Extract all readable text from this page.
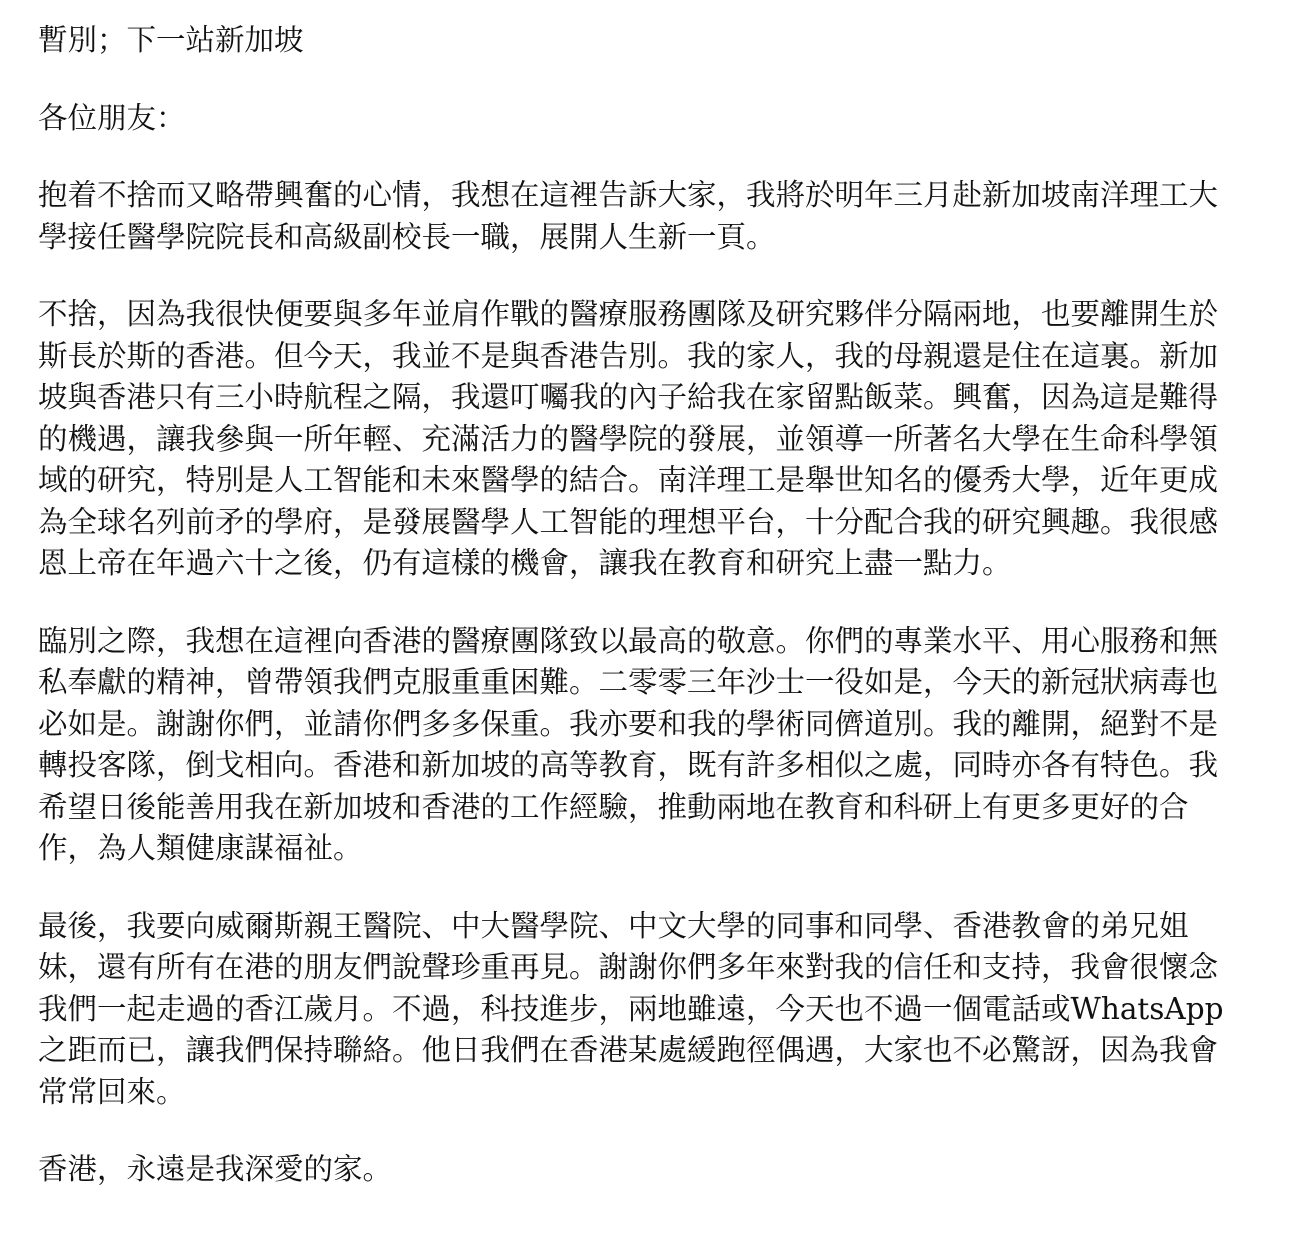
暫別；下一站新加坡

各位朋友：

抱着不捨而又略帶興奮的心情，我想在這裡告訴大家，我將於明年三月赴新加坡南洋理工大
學接任醫學院院長和高級副校長一職，展開人生新一頁。

不捨，因為我很快便要與多年並肩作戰的醫療服務團隊及研究夥伴分隔兩地，也要離開生於
斯長於斯的香港。但今天，我並不是與香港告別。我的家人，我的母親還是住在這裏。新加
坡與香港只有三小時航程之隔，我還叮囑我的內子給我在家留點飯菜。興奮，因為這是難得
的機遇，讓我參與一所年輕、充滿活力的醫學院的發展，並領導一所著名大學在生命科學領
域的研究，特別是人工智能和未來醫學的結合。南洋理工是舉世知名的優秀大學，近年更成
為全球名列前矛的學府，是發展醫學人工智能的理想平台，十分配合我的研究興趣。我很感
恩上帝在年過六十之後，仍有這樣的機會，讓我在教育和研究上盡一點力。

臨別之際，我想在這裡向香港的醫療團隊致以最高的敬意。你們的專業水平、用心服務和無
私奉獻的精神，曾帶領我們克服重重困難。二零零三年沙士一役如是，今天的新冠狀病毒也
必如是。謝謝你們，並請你們多多保重。我亦要和我的學術同儕道別。我的離開，絕對不是
轉投客隊，倒戈相向。香港和新加坡的高等教育，既有許多相似之處，同時亦各有特色。我
希望日後能善用我在新加坡和香港的工作經驗，推動兩地在教育和科研上有更多更好的合
作，為人類健康謀福祉。

最後，我要向威爾斯親王醫院、中大醫學院、中文大學的同事和同學、香港教會的弟兄姐
妹，還有所有在港的朋友們說聲珍重再見。謝謝你們多年來對我的信任和支持，我會很懷念
我們一起走過的香江歲月。不過，科技進步，兩地雖遠，今天也不過一個電話或WhatsApp
之距而已，讓我們保持聯絡。他日我們在香港某處緩跑徑偶遇，大家也不必驚訝，因為我會
常常回來。

香港，永遠是我深愛的家。
